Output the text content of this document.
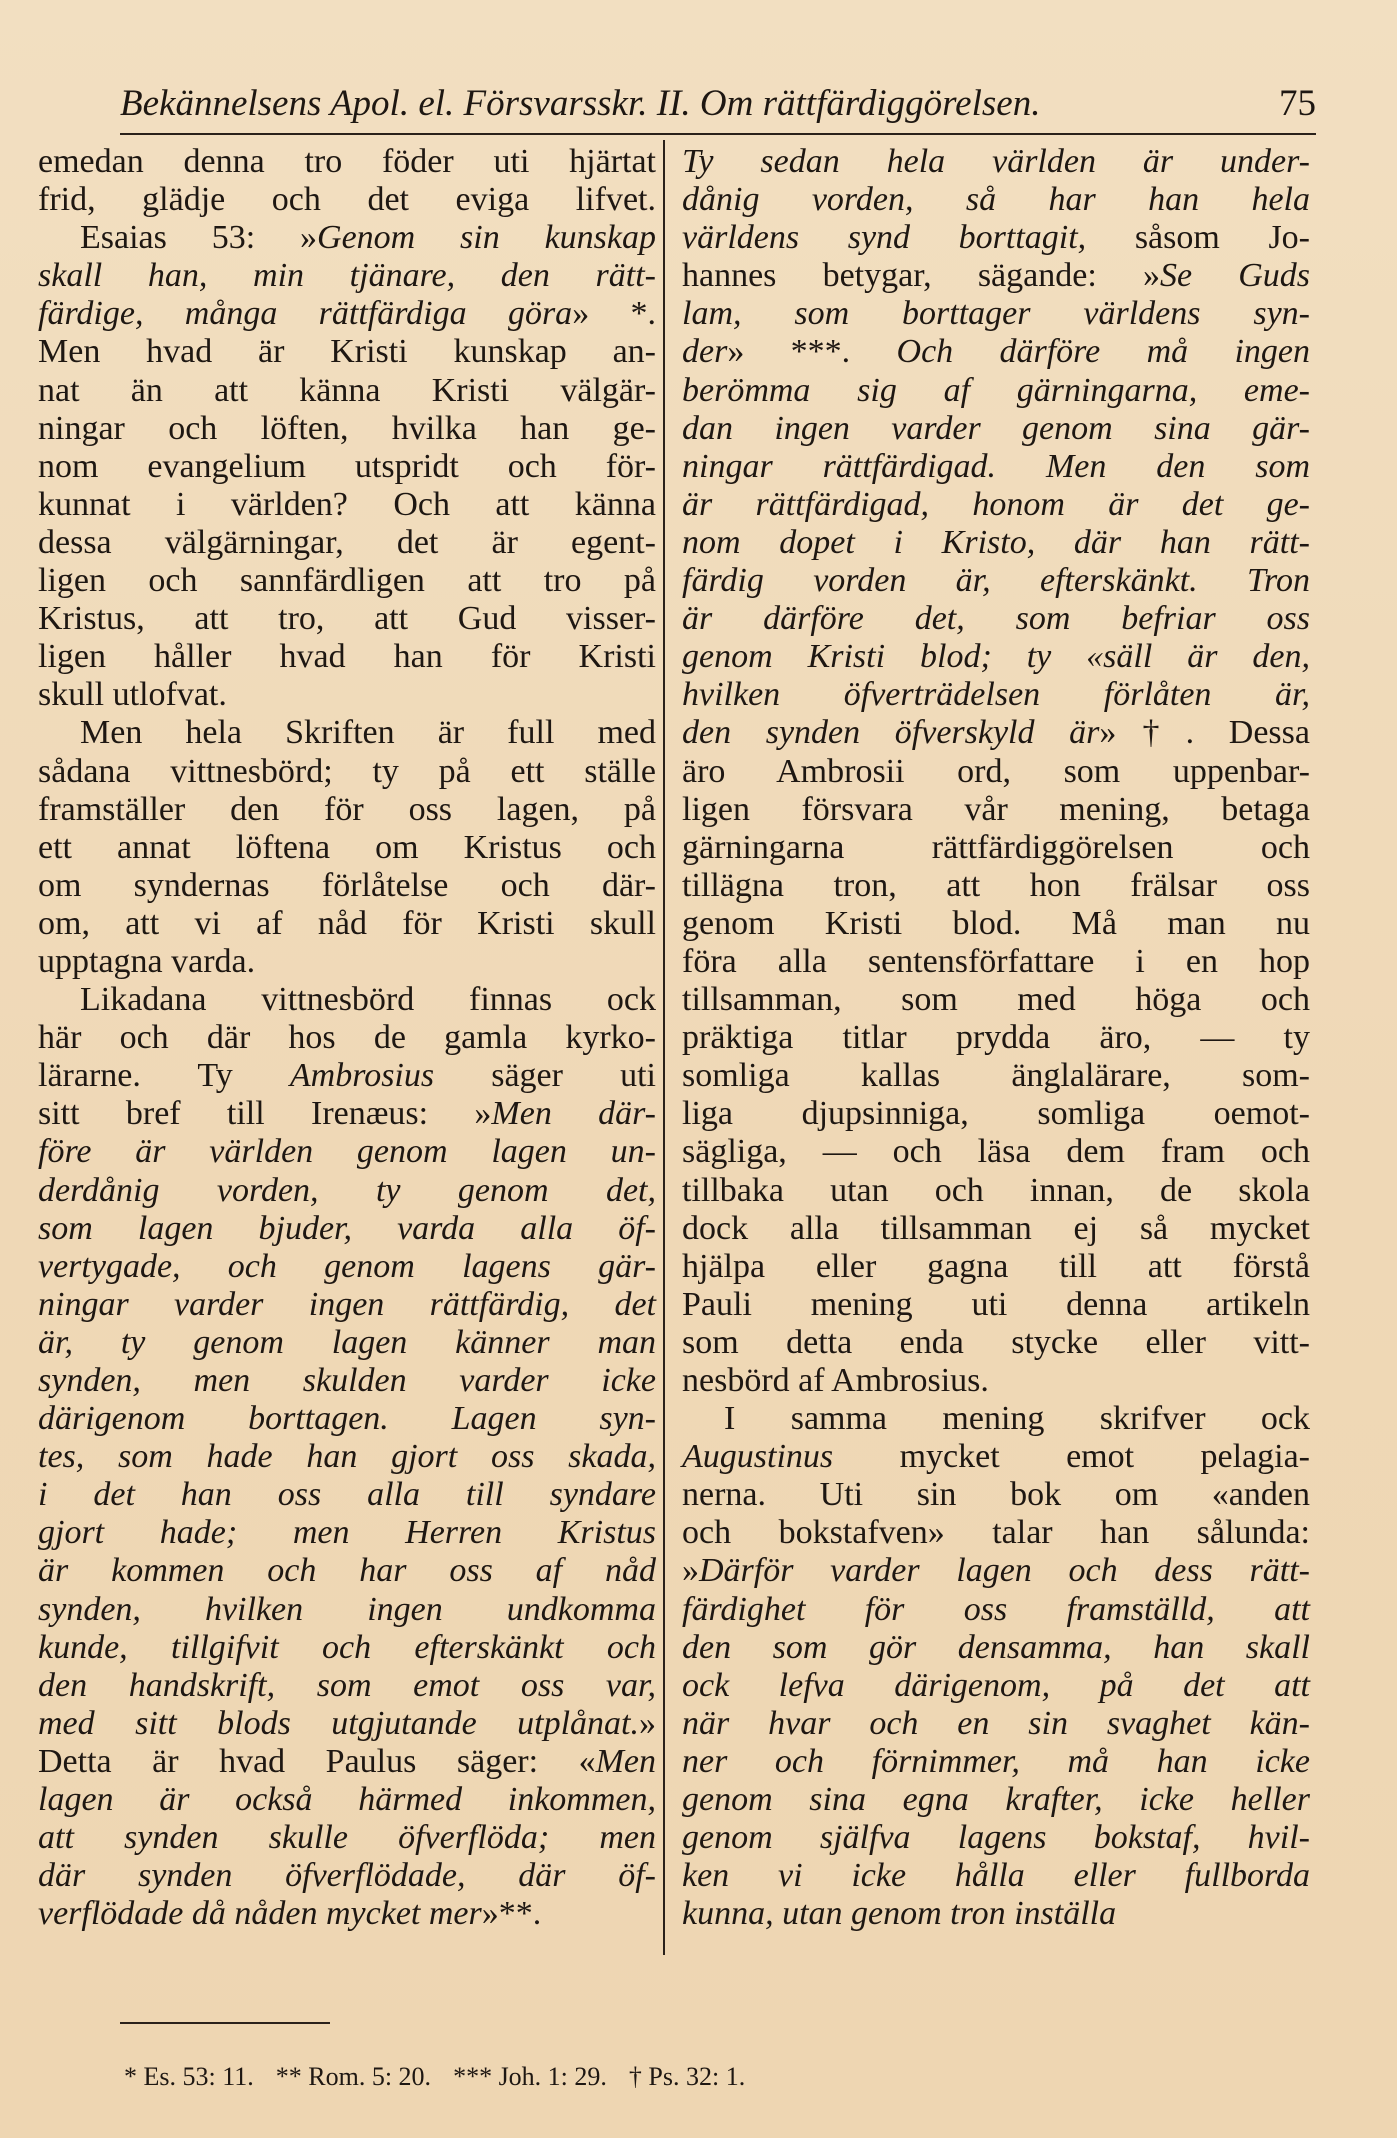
Bekännelsens Apol. el. Försvarsskr. II. Om rättfärdiggörelsen.	75
emedan denna tro föder uti hjärtat
frid, glädje och det eviga lifvet.
Esaias 53: »Genom sin kunskap
skall han, min tjänare, den rätt-
färdige, många rättfärdiga göra» *.
Men hvad är Kristi kunskap an-
nat än att känna Kristi välgär-
ningar och löften, hvilka han ge-
nom evangelium utspridt och för-
kunnat i världen? Och att känna
dessa välgärningar, det är egent-
ligen och sannfärdligen att tro på
Kristus, att tro, att Gud visser-
ligen håller hvad han för Kristi
skull utlofvat.
Men hela Skriften är full med
sådana vittnesbörd; ty på ett ställe
framställer den för oss lagen, på
ett annat löftena om Kristus och
om syndernas förlåtelse och där-
om, att vi af nåd för Kristi skull
upptagna varda.
Likadana vittnesbörd finnas ock
här och där hos de gamla kyrko-
lärarne. Ty Ambrosius säger uti
sitt bref till Irenæus: »Men där-
före är världen genom lagen un-
derdånig vorden, ty genom det,
som lagen bjuder, varda alla öf-
vertygade, och genom lagens gär-
ningar varder ingen rättfärdig, det
är, ty genom lagen känner man
synden, men skulden varder icke
därigenom borttagen. Lagen syn-
tes, som hade han gjort oss skada,
i det han oss alla till syndare
gjort hade; men Herren Kristus
är kommen och har oss af nåd
synden, hvilken ingen undkomma
kunde, tillgifvit och efterskänkt och
den handskrift, som emot oss var,
med sitt blods utgjutande utplånat.»
Detta är hvad Paulus säger: «Men
lagen är också härmed inkommen,
att synden skulle öfverflöda; men
där synden öfverflödade, där öf-
verflödade då nåden mycket mer»**.
Ty sedan hela världen är under-
dånig vorden, så har han hela
världens synd borttagit, såsom Jo-
hannes betygar, sägande: »Se Guds
lam, som borttager världens syn-
der» ***. Och därföre må ingen
berömma sig af gärningarna, eme-
dan ingen varder genom sina gär-
ningar rättfärdigad. Men den som
är rättfärdigad, honom är det ge-
nom dopet i Kristo, där han rätt-
färdig vorden är, efterskänkt. Tron
är därföre det, som befriar oss
genom Kristi blod; ty «säll är den,
hvilken öfverträdelsen förlåten är,
den synden öfverskyld är»†. Dessa
äro Ambrosii ord, som uppenbar-
ligen försvara vår mening, betaga
gärningarna rättfärdiggörelsen och
tillägna tron, att hon frälsar oss
genom Kristi blod. Må man nu
föra alla sentensförfattare i en hop
tillsamman, som med höga och
präktiga titlar prydda äro, — ty
somliga kallas änglalärare, som-
liga djupsinniga, somliga oemot-
sägliga, — och läsa dem fram och
tillbaka utan och innan, de skola
dock alla tillsamman ej så mycket
hjälpa eller gagna till att förstå
Pauli mening uti denna artikeln
som detta enda stycke eller vitt-
nesbörd af Ambrosius.
I samma mening skrifver ock
Augustinus mycket emot pelagia-
nerna. Uti sin bok om «anden
och bokstafven» talar han sålunda:
»Därför varder lagen och dess rätt-
färdighet för oss framställd, att
den som gör densamma, han skall
ock lefva därigenom, på det att
när hvar och en sin svaghet kän-
ner och förnimmer, må han icke
genom sina egna krafter, icke heller
genom själfva lagens bokstaf, hvil-
ken vi icke hålla eller fullborda
kunna, utan genom tron inställa
* Es. 53: 11. ** Rom. 5: 20. *** Joh. 1: 29. † Ps. 32: 1.
